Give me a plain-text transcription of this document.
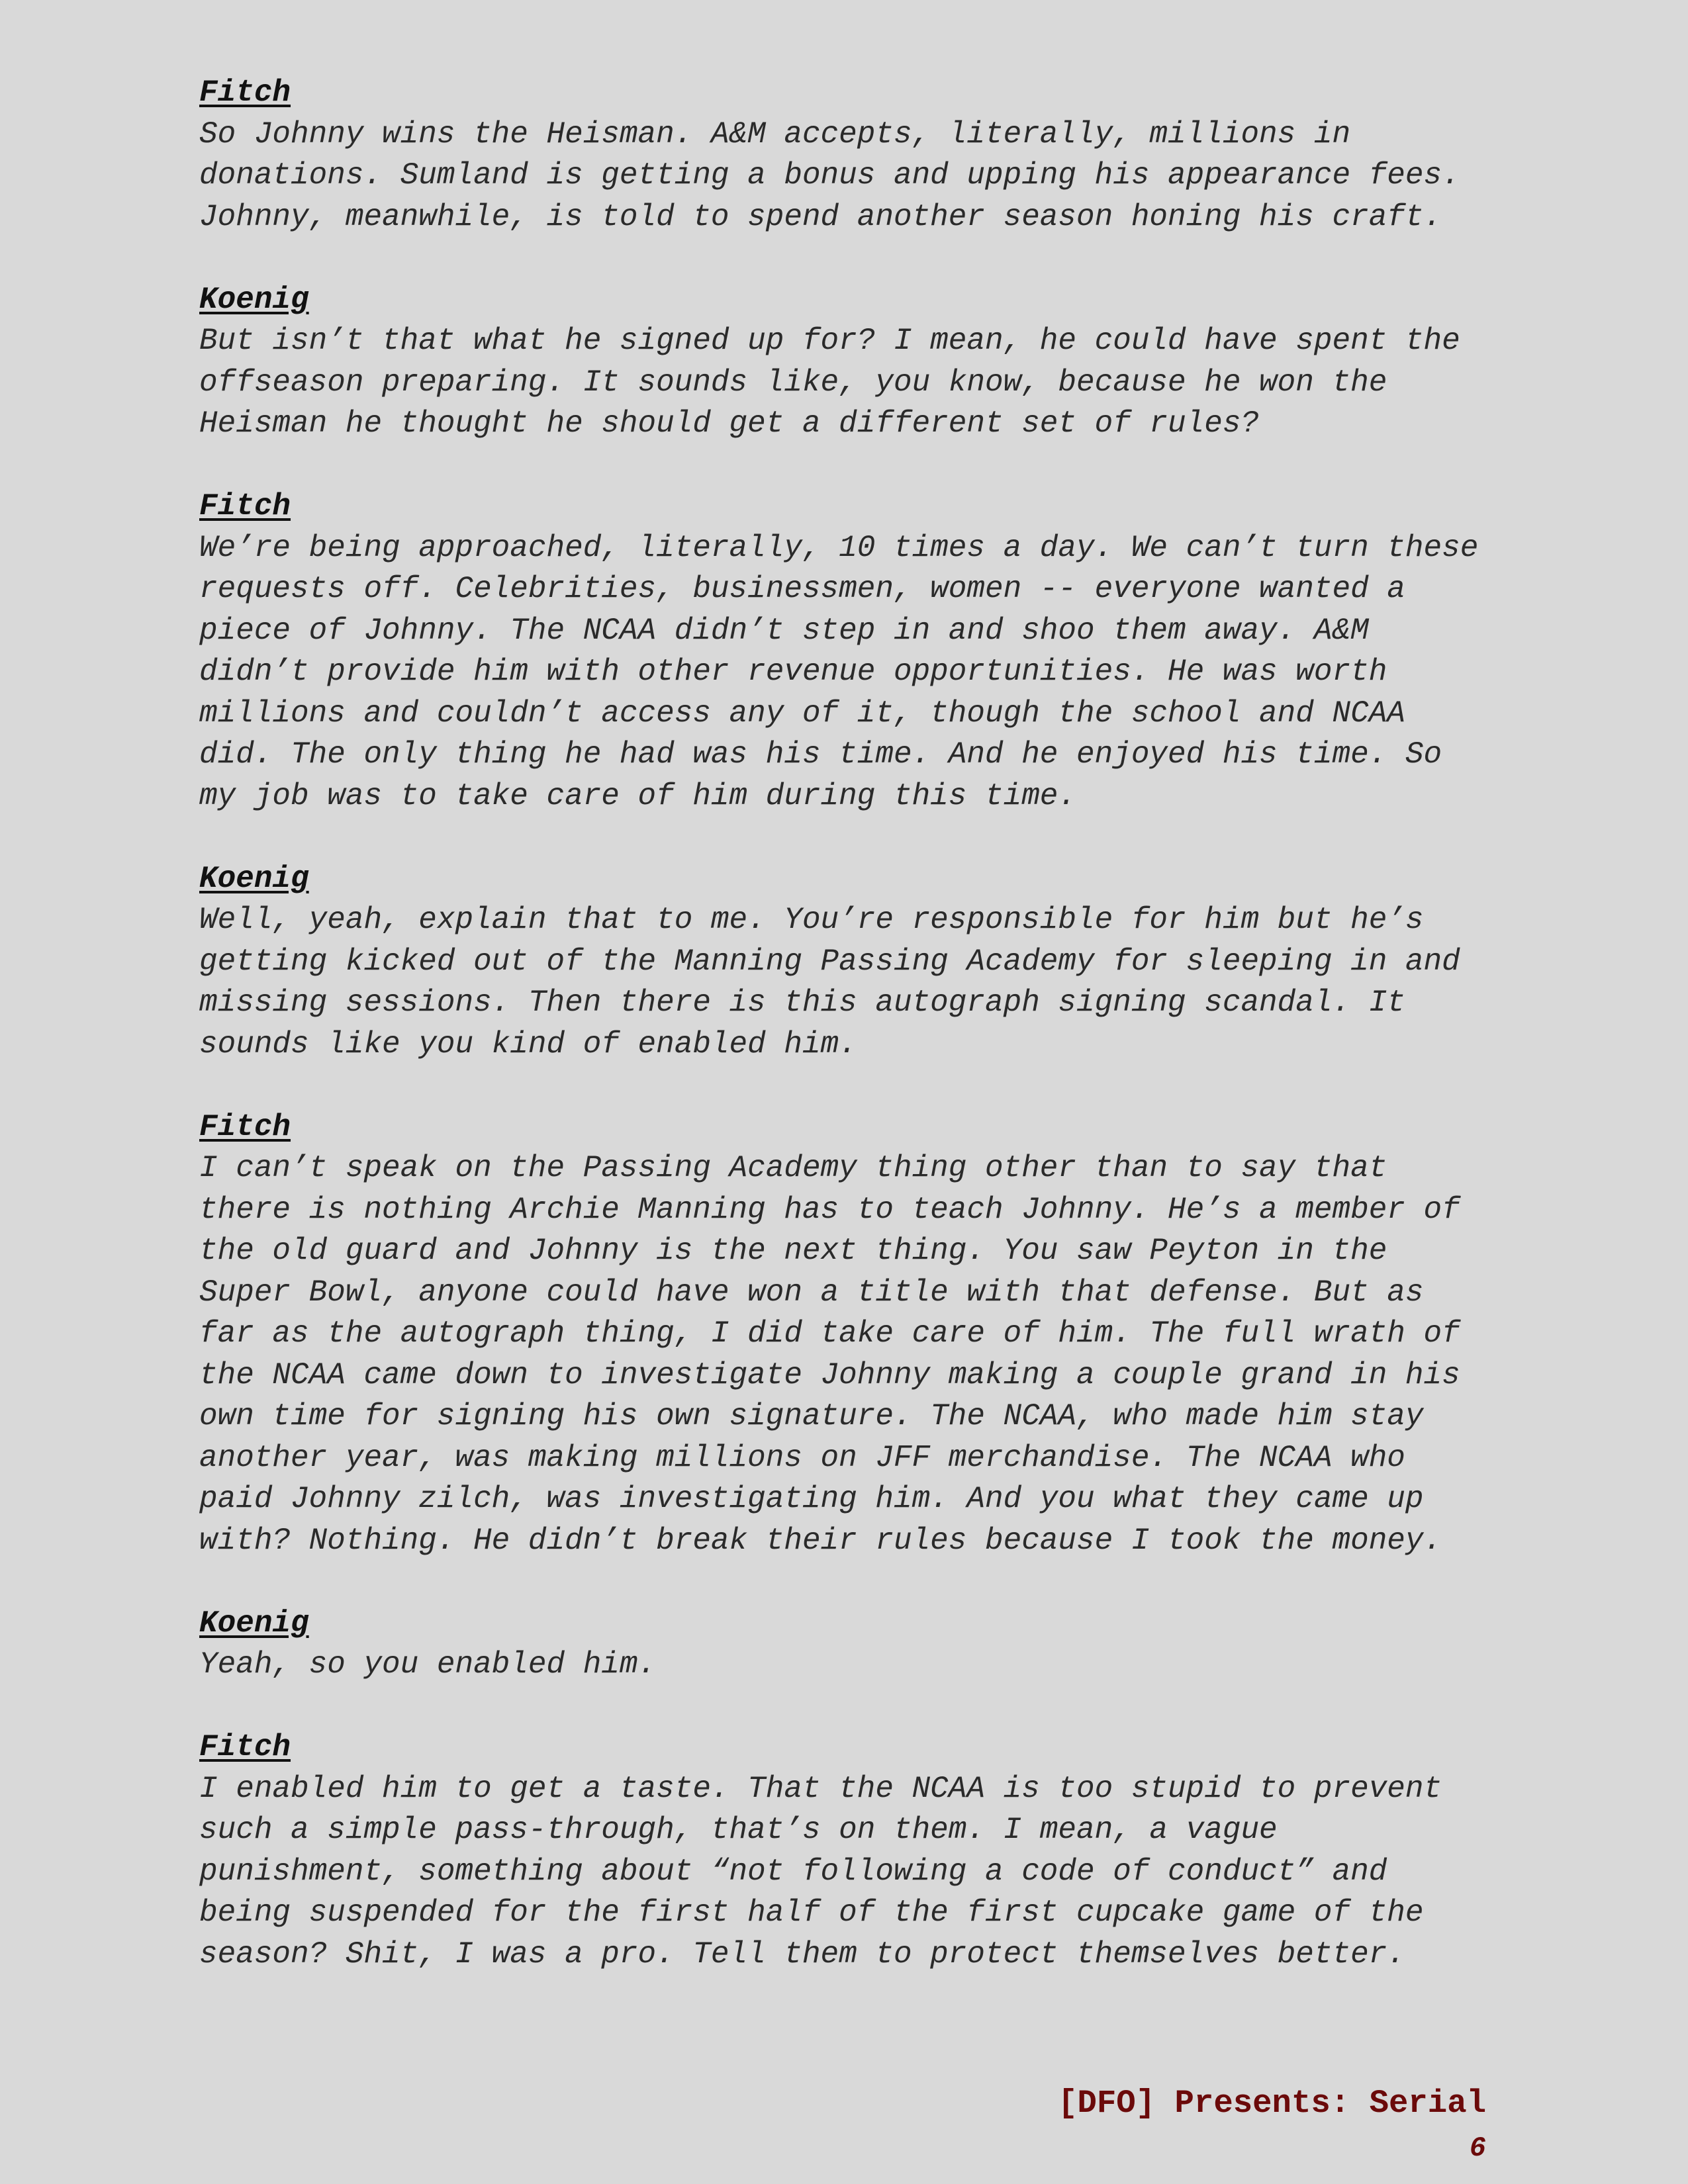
Fitch
So Johnny wins the Heisman. A&M accepts, literally, millions in
donations. Sumland is getting a bonus and upping his appearance fees.
Johnny, meanwhile, is told to spend another season honing his craft.
Koenig
But isn’t that what he signed up for? I mean, he could have spent the
offseason preparing. It sounds like, you know, because he won the
Heisman he thought he should get a different set of rules?
Fitch
We’re being approached, literally, 10 times a day. We can’t turn these
requests off. Celebrities, businessmen, women -- everyone wanted a
piece of Johnny. The NCAA didn’t step in and shoo them away. A&M
didn’t provide him with other revenue opportunities. He was worth
millions and couldn’t access any of it, though the school and NCAA
did. The only thing he had was his time. And he enjoyed his time. So
my job was to take care of him during this time.
Koenig
Well, yeah, explain that to me. You’re responsible for him but he’s
getting kicked out of the Manning Passing Academy for sleeping in and
missing sessions. Then there is this autograph signing scandal. It
sounds like you kind of enabled him.
Fitch
I can’t speak on the Passing Academy thing other than to say that
there is nothing Archie Manning has to teach Johnny. He’s a member of
the old guard and Johnny is the next thing. You saw Peyton in the
Super Bowl, anyone could have won a title with that defense. But as
far as the autograph thing, I did take care of him. The full wrath of
the NCAA came down to investigate Johnny making a couple grand in his
own time for signing his own signature. The NCAA, who made him stay
another year, was making millions on JFF merchandise. The NCAA who
paid Johnny zilch, was investigating him. And you what they came up
with? Nothing. He didn’t break their rules because I took the money.
Koenig
Yeah, so you enabled him.
Fitch
I enabled him to get a taste. That the NCAA is too stupid to prevent
such a simple pass-through, that’s on them. I mean, a vague
punishment, something about “not following a code of conduct” and
being suspended for the first half of the first cupcake game of the
season? Shit, I was a pro. Tell them to protect themselves better.
[DFO] Presents: Serial
6
